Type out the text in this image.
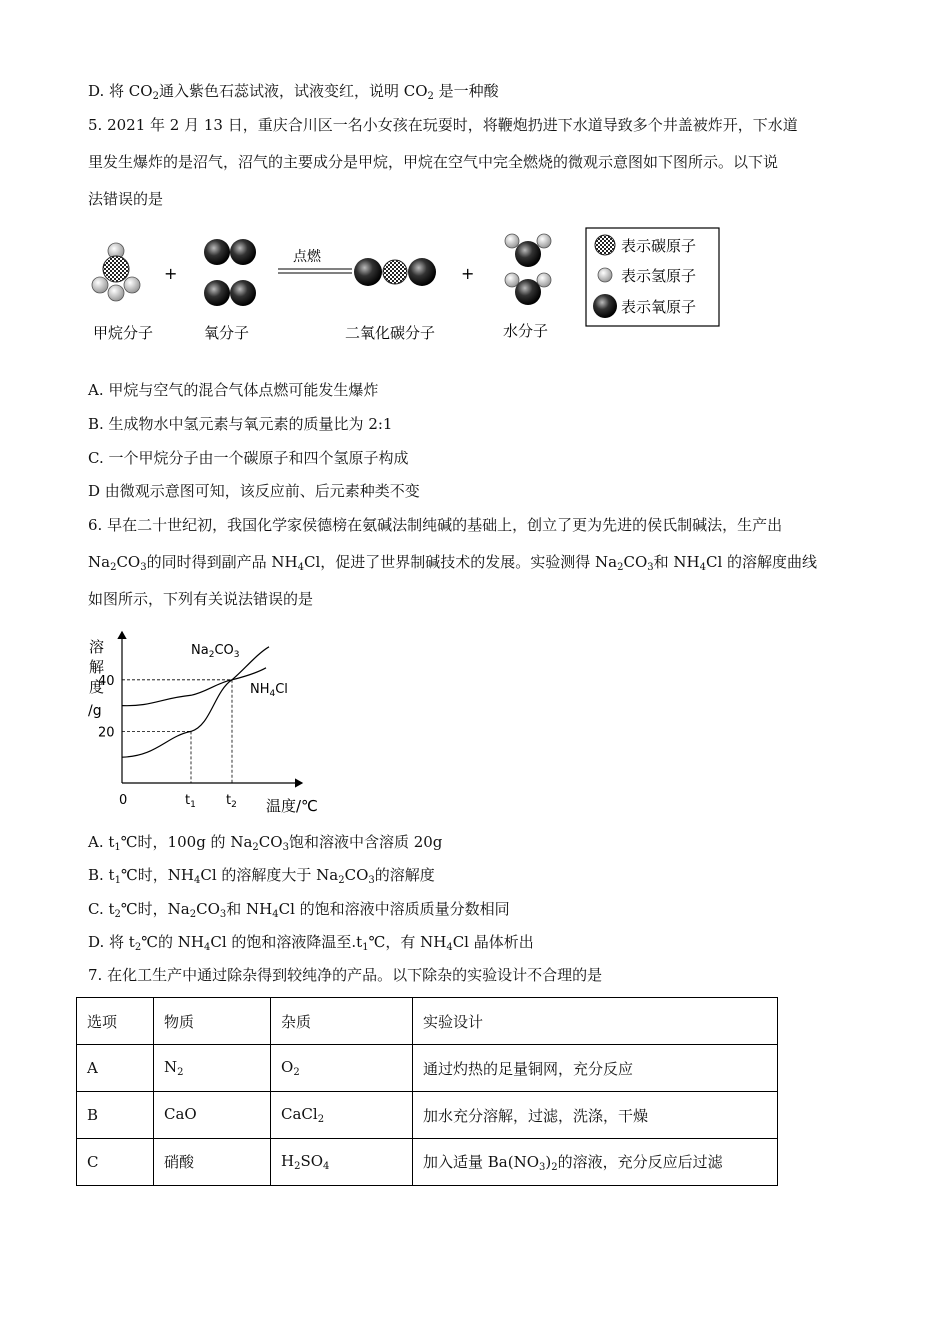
D. 将 $CO_2$通入紫色石蕊试液，试液变红，说明 $CO_2$ 是一种酸
5. 2021 年 2 月 13 日，重庆合川区一名小女孩在玩耍时，将鞭炮扔进下水道导致多个井盖被炸开，下水道
里发生爆炸的是沼气，沼气的主要成分是甲烷，甲烷在空气中完全燃烧的微观示意图如下图所示。以下说
法错误的是
甲烷分子
+
氧分子
点燃
二氧化碳分子
+
水分子
表示碳原子
表示氢原子
表示氧原子
A. 甲烷与空气的混合气体点燃可能发生爆炸
B. 生成物水中氢元素与氧元素的质量比为 2:1
C. 一个甲烷分子由一个碳原子和四个氢原子构成
D 由微观示意图可知，该反应前、后元素种类不变
6. 早在二十世纪初，我国化学家侯德榜在氨碱法制纯碱的基础上，创立了更为先进的侯氏制碱法，生产出
$Na_2CO_3$的同时得到副产品 $NH_4Cl$，促进了世界制碱技术的发展。实验测得 $Na_2CO_3$和 $NH_4Cl$ 的溶解度曲线
如图所示，下列有关说法错误的是
溶
解
度
/g
0	温度/℃
20
40
$t_1$ $t_2$
$Na_2CO_3$
$NH_4Cl$
A. $t_1℃$时，100g 的 $Na_2CO_3$饱和溶液中含溶质 20g
B. $t_1℃$时，$NH_4Cl$ 的溶解度大于 $Na_2CO_3$的溶解度
C. $t_2℃$时，$Na_2CO_3$和 $NH_4Cl$ 的饱和溶液中溶质质量分数相同
D. 将 $t_2℃$的 $NH_4Cl$ 的饱和溶液降温至$.t_1℃$，有 $NH_4Cl$ 晶体析出
7. 在化工生产中通过除杂得到较纯净的产品。以下除杂的实验设计不合理的是
选项	物质	杂质	实验设计
A	$N_2$	$O_2$	通过灼热的足量铜网，充分反应
B	CaO	CaCl$_2$	加水充分溶解，过滤，洗涤，干燥
C	硝酸	$H_2SO_4$	加入适量 $Ba(NO_3)_2$的溶液，充分反应后过滤
